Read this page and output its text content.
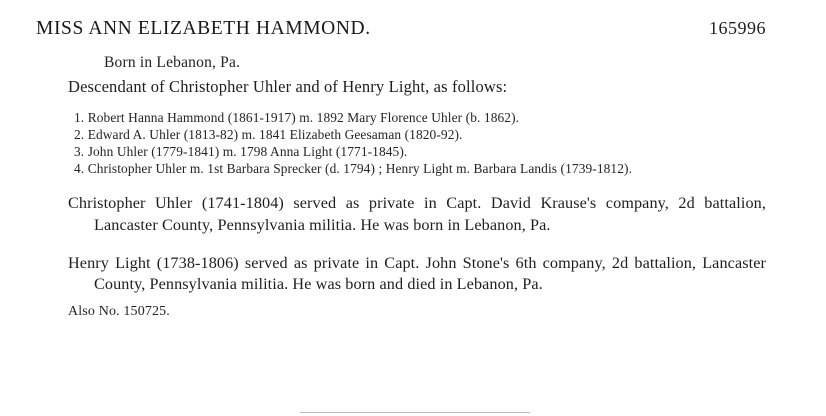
MISS ANN ELIZABETH HAMMOND.	165996
Born in Lebanon, Pa.
Descendant of Christopher Uhler and of Henry Light, as follows:
1. Robert Hanna Hammond (1861-1917) m. 1892 Mary Florence Uhler (b. 1862).
2. Edward A. Uhler (1813-82) m. 1841 Elizabeth Geesaman (1820-92).
3. John Uhler (1779-1841) m. 1798 Anna Light (1771-1845).
4. Christopher Uhler m. 1st Barbara Sprecker (d. 1794) ; Henry Light m. Barbara Landis (1739-1812).

Christopher Uhler (1741-1804) served as private in Capt. David Krause's company, 2d battalion, Lancaster County, Pennsylvania militia. He was born in Lebanon, Pa.

Henry Light (1738-1806) served as private in Capt. John Stone's 6th company, 2d battalion, Lancaster County, Pennsylvania militia. He was born and died in Lebanon, Pa.

Also No. 150725.
